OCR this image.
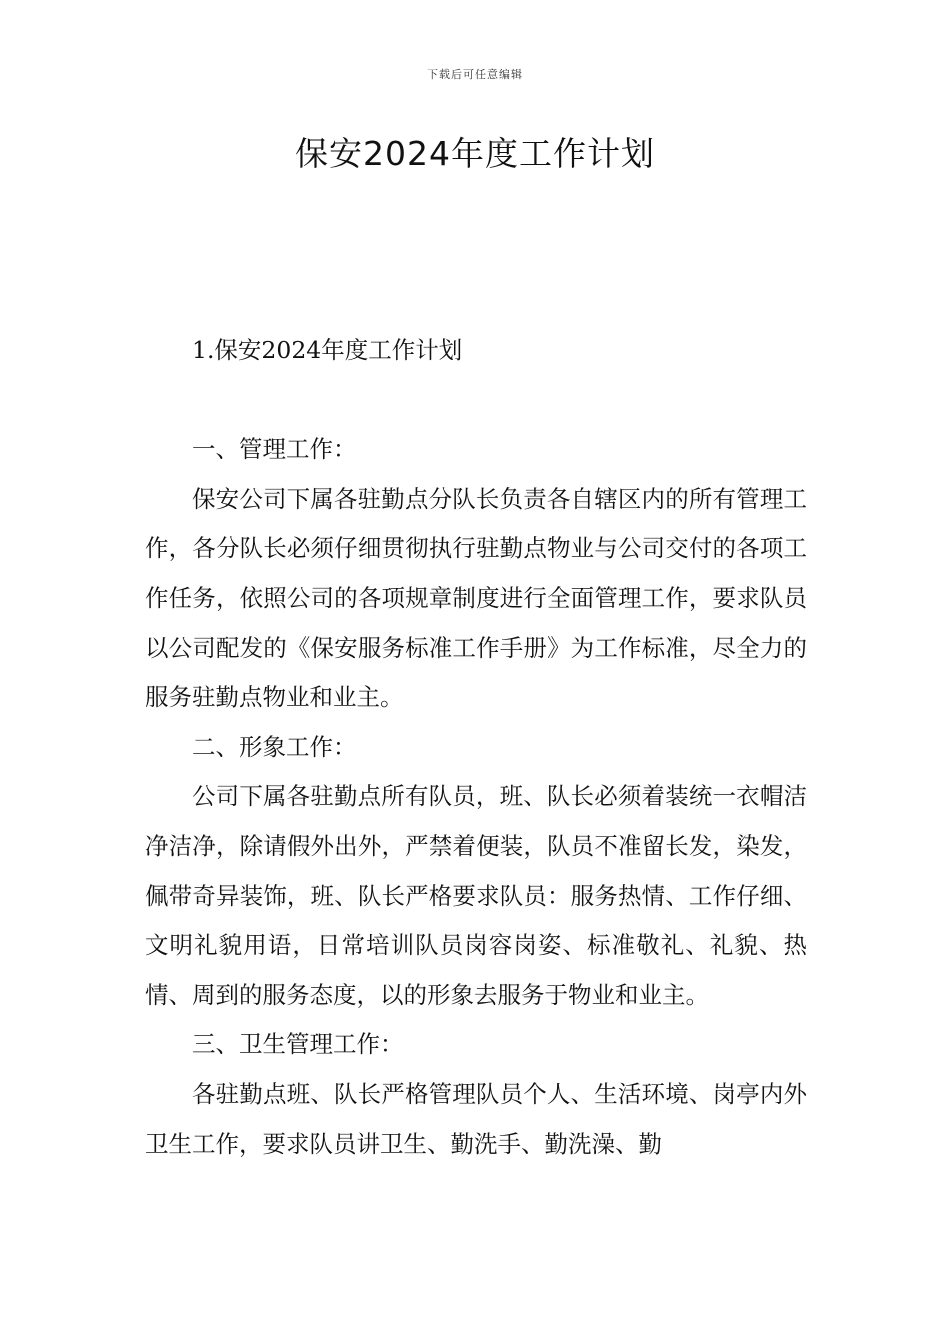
下载后可任意编辑
保安2024年度工作计划

1.保安2024年度工作计划

一、管理工作：

保安公司下属各驻勤点分队长负责各自辖区内的所有管理工作，各分队长必须仔细贯彻执行驻勤点物业与公司交付的各项工作任务，依照公司的各项规章制度进行全面管理工作，要求队员以公司配发的《保安服务标准工作手册》为工作标准，尽全力的服务驻勤点物业和业主。

二、形象工作：

公司下属各驻勤点所有队员，班、队长必须着装统一衣帽洁净洁净，除请假外出外，严禁着便装，队员不准留长发，染发，佩带奇异装饰，班、队长严格要求队员：服务热情、工作仔细、文明礼貌用语，日常培训队员岗容岗姿、标准敬礼、礼貌、热情、周到的服务态度，以的形象去服务于物业和业主。

三、卫生管理工作：

各驻勤点班、队长严格管理队员个人、生活环境、岗亭内外卫生工作，要求队员讲卫生、勤洗手、勤洗澡、勤
